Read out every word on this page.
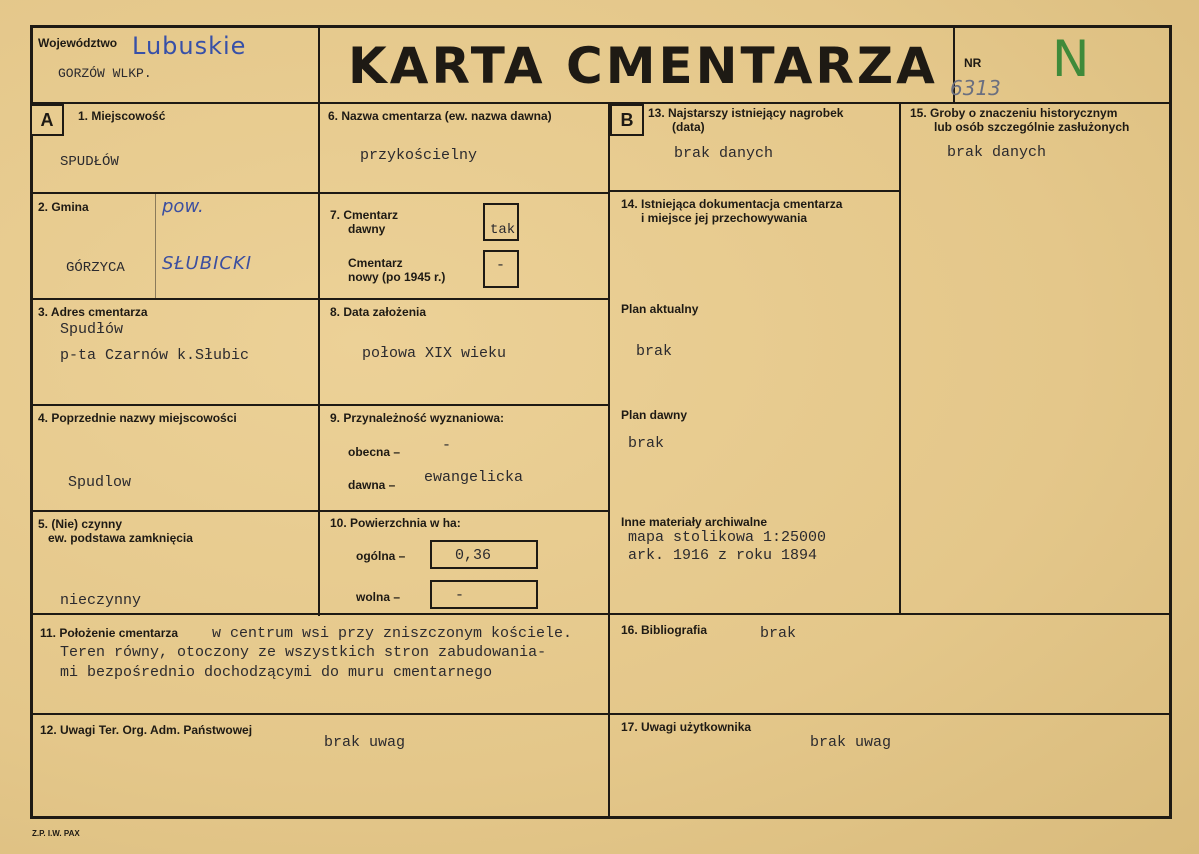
Województwo Lubuskie
GORZÓW WLKP.	KARTA CMENTARZA NR
6313 N
A	B
1. Miejscowość
SPUDŁÓW
2. Gmina	pow.
GÓRZYCA SŁUBICKI
3. Adres cmentarza
Spudłów
p-ta Czarnów k.Słubic
4. Poprzednie nazwy miejscowości
Spudlow
5. (Nie) czynny
ew. podstawa zamknięcia
nieczynny
6. Nazwa cmentarza (ew. nazwa dawna)
przykościelny
7. Cmentarz
dawny	tak
Cmentarz
nowy (po 1945 r.)
-
8. Data założenia
połowa XIX wieku
9. Przynależność wyznaniowa:
obecna –	-
dawna – ewangelicka
10. Powierzchnia w ha:
ogólna –	0,36
wolna –	-
11. Położenie cmentarza w centrum wsi przy zniszczonym kościele.
Teren równy, otoczony ze wszystkich stron zabudowania-
mi bezpośrednio dochodzącymi do muru cmentarnego
12. Uwagi Ter. Org. Adm. Państwowej
brak uwag
13. Najstarszy istniejący nagrobek
(data)
brak danych
14. Istniejąca dokumentacja cmentarza
i miejsce jej przechowywania
Plan aktualny
brak
Plan dawny
brak
Inne materiały archiwalne
mapa stolikowa 1:25000
ark. 1916 z roku 1894
15. Groby o znaczeniu historycznym
lub osób szczególnie zasłużonych
brak danych
16. Bibliografia	brak
17. Uwagi użytkownika
brak uwag
Z.P. I.W. PAX
